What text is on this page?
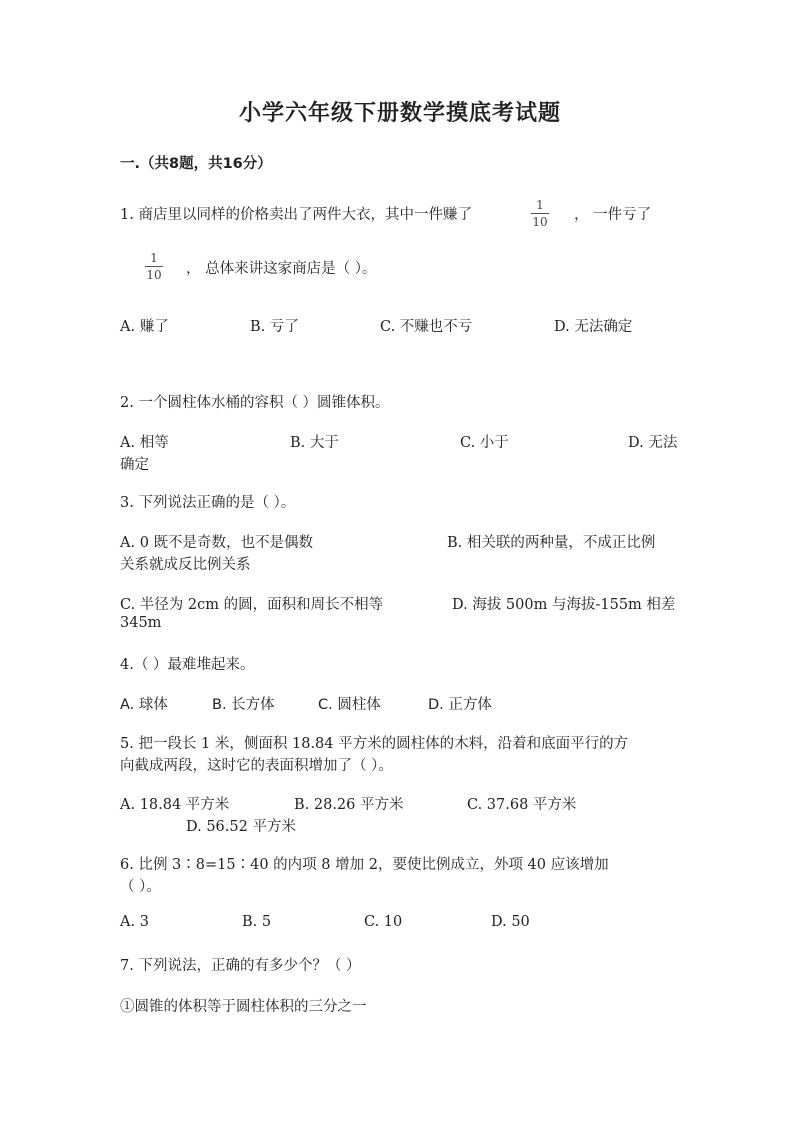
小学六年级下册数学摸底考试题
一.（共8题，共16分）
1. 商店里以同样的价格卖出了两件大衣，其中一件赚了
1
10 ， 一件亏了
1
10 ， 总体来讲这家商店是（ ）。
A. 赚了	B. 亏了	C. 不赚也不亏	D. 无法确定
2. 一个圆柱体水桶的容积（ ）圆锥体积。
A. 相等	B. 大于	C. 小于	D. 无法
确定
3. 下列说法正确的是（ ）。
A. 0 既不是奇数，也不是偶数	B. 相关联的两种量，不成正比例
关系就成反比例关系
C. 半径为 2cm 的圆，面积和周长不相等	D. 海拔 500m 与海拔-155m 相差
345m
4.（ ）最难堆起来。
A. 球体	B. 长方体	C. 圆柱体	D. 正方体
5. 把一段长 1 米，侧面积 18.84 平方米的圆柱体的木料，沿着和底面平行的方
向截成两段，这时它的表面积增加了（ ）。
A. 18.84 平方米	B. 28.26 平方米	C. 37.68 平方米
D. 56.52 平方米
6. 比例 3∶8=15∶40 的内项 8 增加 2，要使比例成立，外项 40 应该增加
（ ）。
A. 3	B. 5	C. 10	D. 50
7. 下列说法，正确的有多少个？（ ）
①圆锥的体积等于圆柱体积的三分之一
